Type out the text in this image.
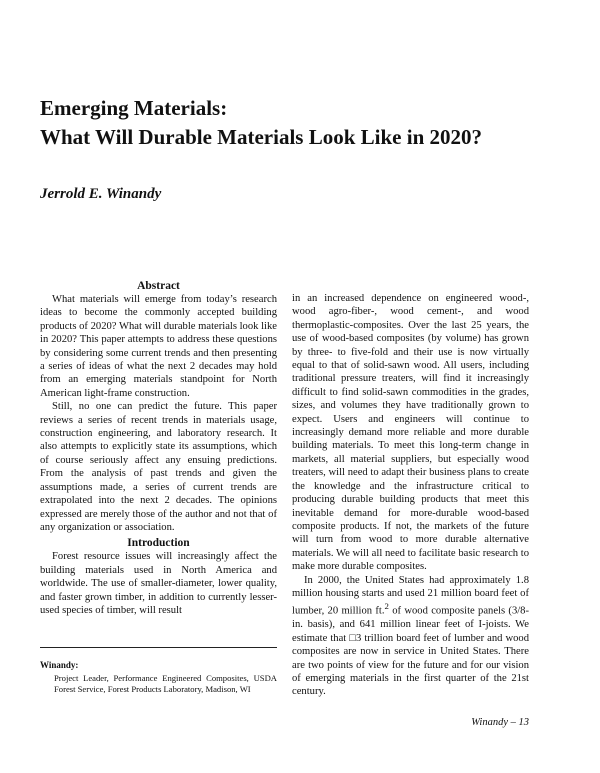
Emerging Materials:
What Will Durable Materials Look Like in 2020?
Jerrold E. Winandy
Abstract

What materials will emerge from today’s research ideas to become the commonly accepted building products of 2020? What will durable materials look like in 2020? This paper attempts to address these questions by considering some current trends and then presenting a series of ideas of what the next 2 decades may hold from an emerging materials standpoint for North American light-frame construction.

Still, no one can predict the future. This paper reviews a series of recent trends in materials usage, construction engineering, and laboratory research. It also attempts to explicitly state its assumptions, which of course seriously affect any ensuing predictions. From the analysis of past trends and given the assumptions made, a series of current trends are extrapolated into the next 2 decades. The opinions expressed are merely those of the author and not that of any organization or association.

Introduction

Forest resource issues will increasingly affect the building materials used in North America and worldwide. The use of smaller-diameter, lower quality, and faster grown timber, in addition to currently lesser-used species of timber, will result

in an increased dependence on engineered wood-, wood agro-fiber-, wood cement-, and wood thermoplastic-composites. Over the last 25 years, the use of wood-based composites (by volume) has grown by three- to five-fold and their use is now virtually equal to that of solid-sawn wood. All users, including traditional pressure treaters, will find it increasingly difficult to find solid-sawn commodities in the grades, sizes, and volumes they have traditionally grown to expect. Users and engineers will continue to increasingly demand more reliable and more durable building materials. To meet this long-term change in markets, all material suppliers, but especially wood treaters, will need to adapt their business plans to create the knowledge and the infrastructure critical to producing durable building products that meet this inevitable demand for more-durable wood-based composite products. If not, the markets of the future will turn from wood to more durable alternative materials. We will all need to facilitate basic research to make more durable composites.

In 2000, the United States had approximately 1.8 million housing starts and used 21 million board feet of lumber, 20 million ft.$^2$ of wood composite panels (3/8-in. basis), and 641 million linear feet of I-joists. We estimate that □3 trillion board feet of lumber and wood composites are now in service in United States. There are two points of view for the future and for our vision of emerging materials in the first quarter of the 21st century.

Winandy:
Project Leader, Performance Engineered Composites, USDA Forest Service, Forest Products Laboratory, Madison, WI
Winandy – 13
